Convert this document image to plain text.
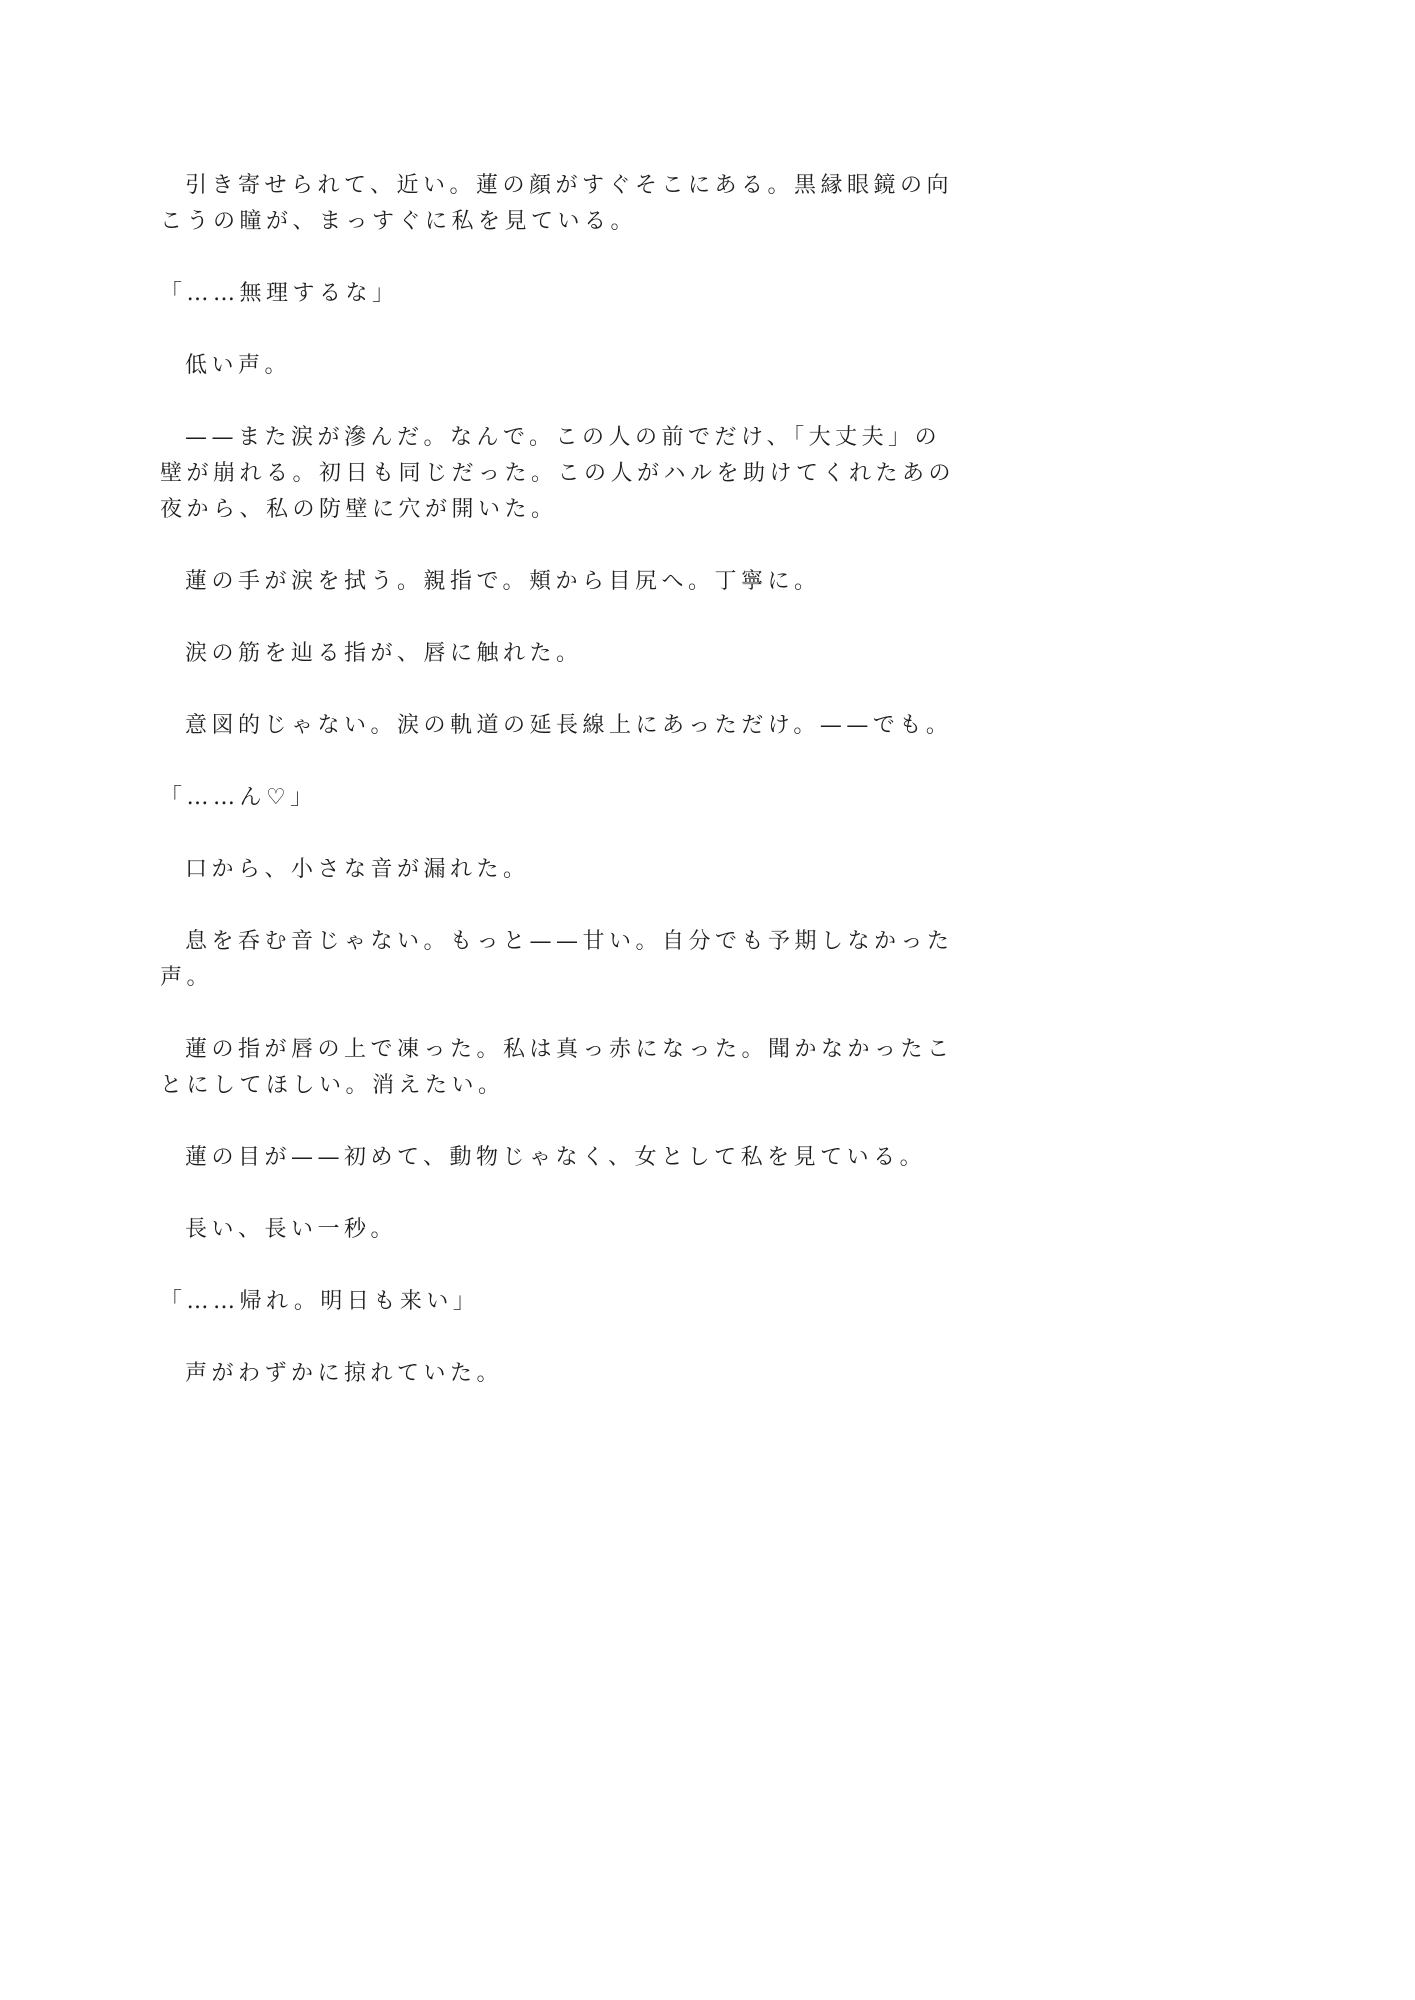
引き寄せられて、近い。蓮の顔がすぐそこにある。黒縁眼鏡の向
こうの瞳が、まっすぐに私を見ている。
「……無理するな」
低い声。
——また涙が滲んだ。なんで。この人の前でだけ、「大丈夫」の
壁が崩れる。初日も同じだった。この人がハルを助けてくれたあの
夜から、私の防壁に穴が開いた。
蓮の手が涙を拭う。親指で。頬から目尻へ。丁寧に。
涙の筋を辿る指が、唇に触れた。
意図的じゃない。涙の軌道の延長線上にあっただけ。——でも。
「……ん♡」
口から、小さな音が漏れた。
息を呑む音じゃない。もっと——甘い。自分でも予期しなかった
声。
蓮の指が唇の上で凍った。私は真っ赤になった。聞かなかったこ
とにしてほしい。消えたい。
蓮の目が——初めて、動物じゃなく、女として私を見ている。
長い、長い一秒。
「……帰れ。明日も来い」
声がわずかに掠れていた。
